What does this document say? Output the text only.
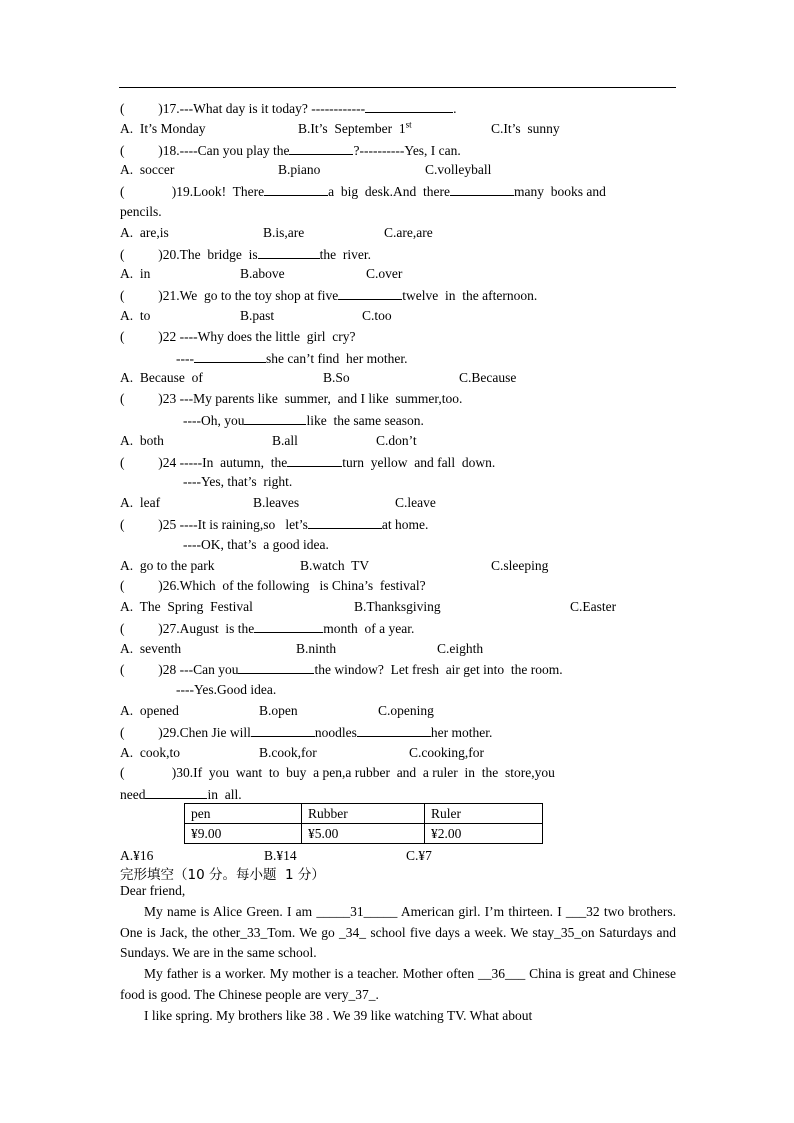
(          )17.---What day is it today? ------------	.
A.  It’s Monday	B.It’s  September  1st	C.It’s  sunny
(          )18.----Can you play the	?----------Yes, I can.
A.  soccer	B.piano	C.volleyball
(              )19.Look!  There	a  big  desk.And  there	many  books and
pencils.
A.  are,is	B.is,are	C.are,are
(          )20.The  bridge  is	the  river.
A.  in	B.above	C.over
(          )21.We  go to the toy shop at five	twelve  in  the afternoon.
A.  to	B.past	C.too
(          )22 ----Why does the little  girl  cry?
----	she can’t find  her mother.
A.  Because  of	B.So	C.Because
(          )23 ---My parents like  summer,  and I like  summer,too.
----Oh, you	like  the same season.
A.  both	B.all	C.don’t
(          )24 -----In  autumn,  the	turn  yellow  and fall  down.
----Yes, that’s  right.
A.  leaf	B.leaves	C.leave
(          )25 ----It is raining,so   let’s	at home.
----OK, that’s  a good idea.
A.  go to the park	B.watch  TV	C.sleeping
(          )26.Which  of the following   is China’s  festival?
A.  The  Spring  Festival	B.Thanksgiving	C.Easter
(          )27.August  is the	month  of a year.
A.  seventh	B.ninth	C.eighth
(          )28 ---Can you	the window?  Let fresh  air get into  the room.
----Yes.Good idea.
A.  opened	B.open	C.opening
(          )29.Chen Jie will	noodles	her mother.
A.  cook,to	B.cook,for	C.cooking,for
(              )30.If  you  want  to  buy  a pen,a rubber  and  a ruler  in  the  store,you
need	in  all.
pen	Rubber	Ruler
¥9.00	¥5.00	¥2.00
A.¥16	B.¥14	C.¥7
完形填空（10 分。每小题  1 分）
Dear friend,
My name is Alice Green. I am _____31_____ American girl. I’m thirteen. I ___32 two brothers. One is Jack, the other_33_Tom. We go _34_ school five days a week. We stay_35_on Saturdays and Sundays. We are in the same school.
My father is a worker. My mother is a teacher. Mother often __36___ China is great and Chinese food is good. The Chinese people are very_37_.
I like spring. My brothers like 38 . We 39 like watching TV. What about
